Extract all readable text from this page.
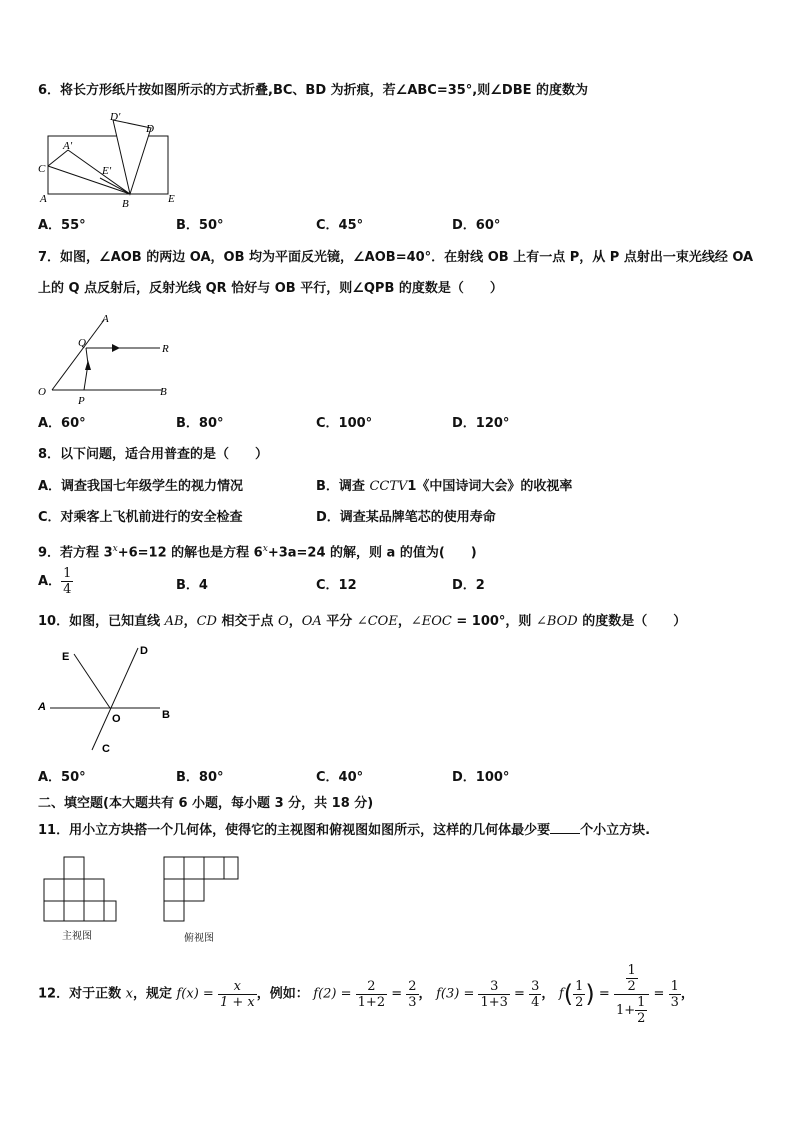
6．将长方形纸片按如图所示的方式折叠,BC、BD 为折痕，若∠ABC=35°,则∠DBE 的度数为
D′
D
A′
C	E′
A	B	E
A．55°	B．50°	C．45°	D．60°
7．如图，∠AOB 的两边 OA，OB 均为平面反光镜，∠AOB=40°．在射线 OB 上有一点 P，从 P 点射出一束光线经 OA
上的 Q 点反射后，反射光线 QR 恰好与 OB 平行，则∠QPB 的度数是（　　）
A
Q	R
O	B
P
A．60°	B．80°	C．100°	D．120°
8．以下问题，适合用普查的是（　　）
A．调查我国七年级学生的视力情况	B．调查 CCTV1《中国诗词大会》的收视率
C．对乘客上飞机前进行的安全检查	D．调查某品牌笔芯的使用寿命
9．若方程 $3^x+6=12$ 的解也是方程 $6^x+3a=24$ 的解，则 a 的值为(　　)
A． $\frac{1}{4}$	B．4	C．12	D．2
10．如图，已知直线 AB，CD 相交于点 O，OA 平分 ∠COE，∠EOC = 100°，则 ∠BOD 的度数是（　　）
E	D
A
O	B
C
A．50°	B．80°	C．40°	D．100°
二、填空题(本大题共有 6 小题，每小题 3 分，共 18 分)
11．用小立方块搭一个几何体，使得它的主视图和俯视图如图所示，这样的几何体最少要 个小立方块.
主视图	俯视图
12．对于正数 x，规定 $f(x) = \frac{x}{1 + x}$ ，例如： $f(2) = \frac{2}{1+2} = \frac{2}{3}$ ， $f(3) = \frac{3}{1+3} = \frac{3}{4}$ ， $f( \frac{1}{2}$ ) = $\frac{\frac{1}{2}}{1+ \frac{1}{2}} = \frac{1}{3}$ ，
